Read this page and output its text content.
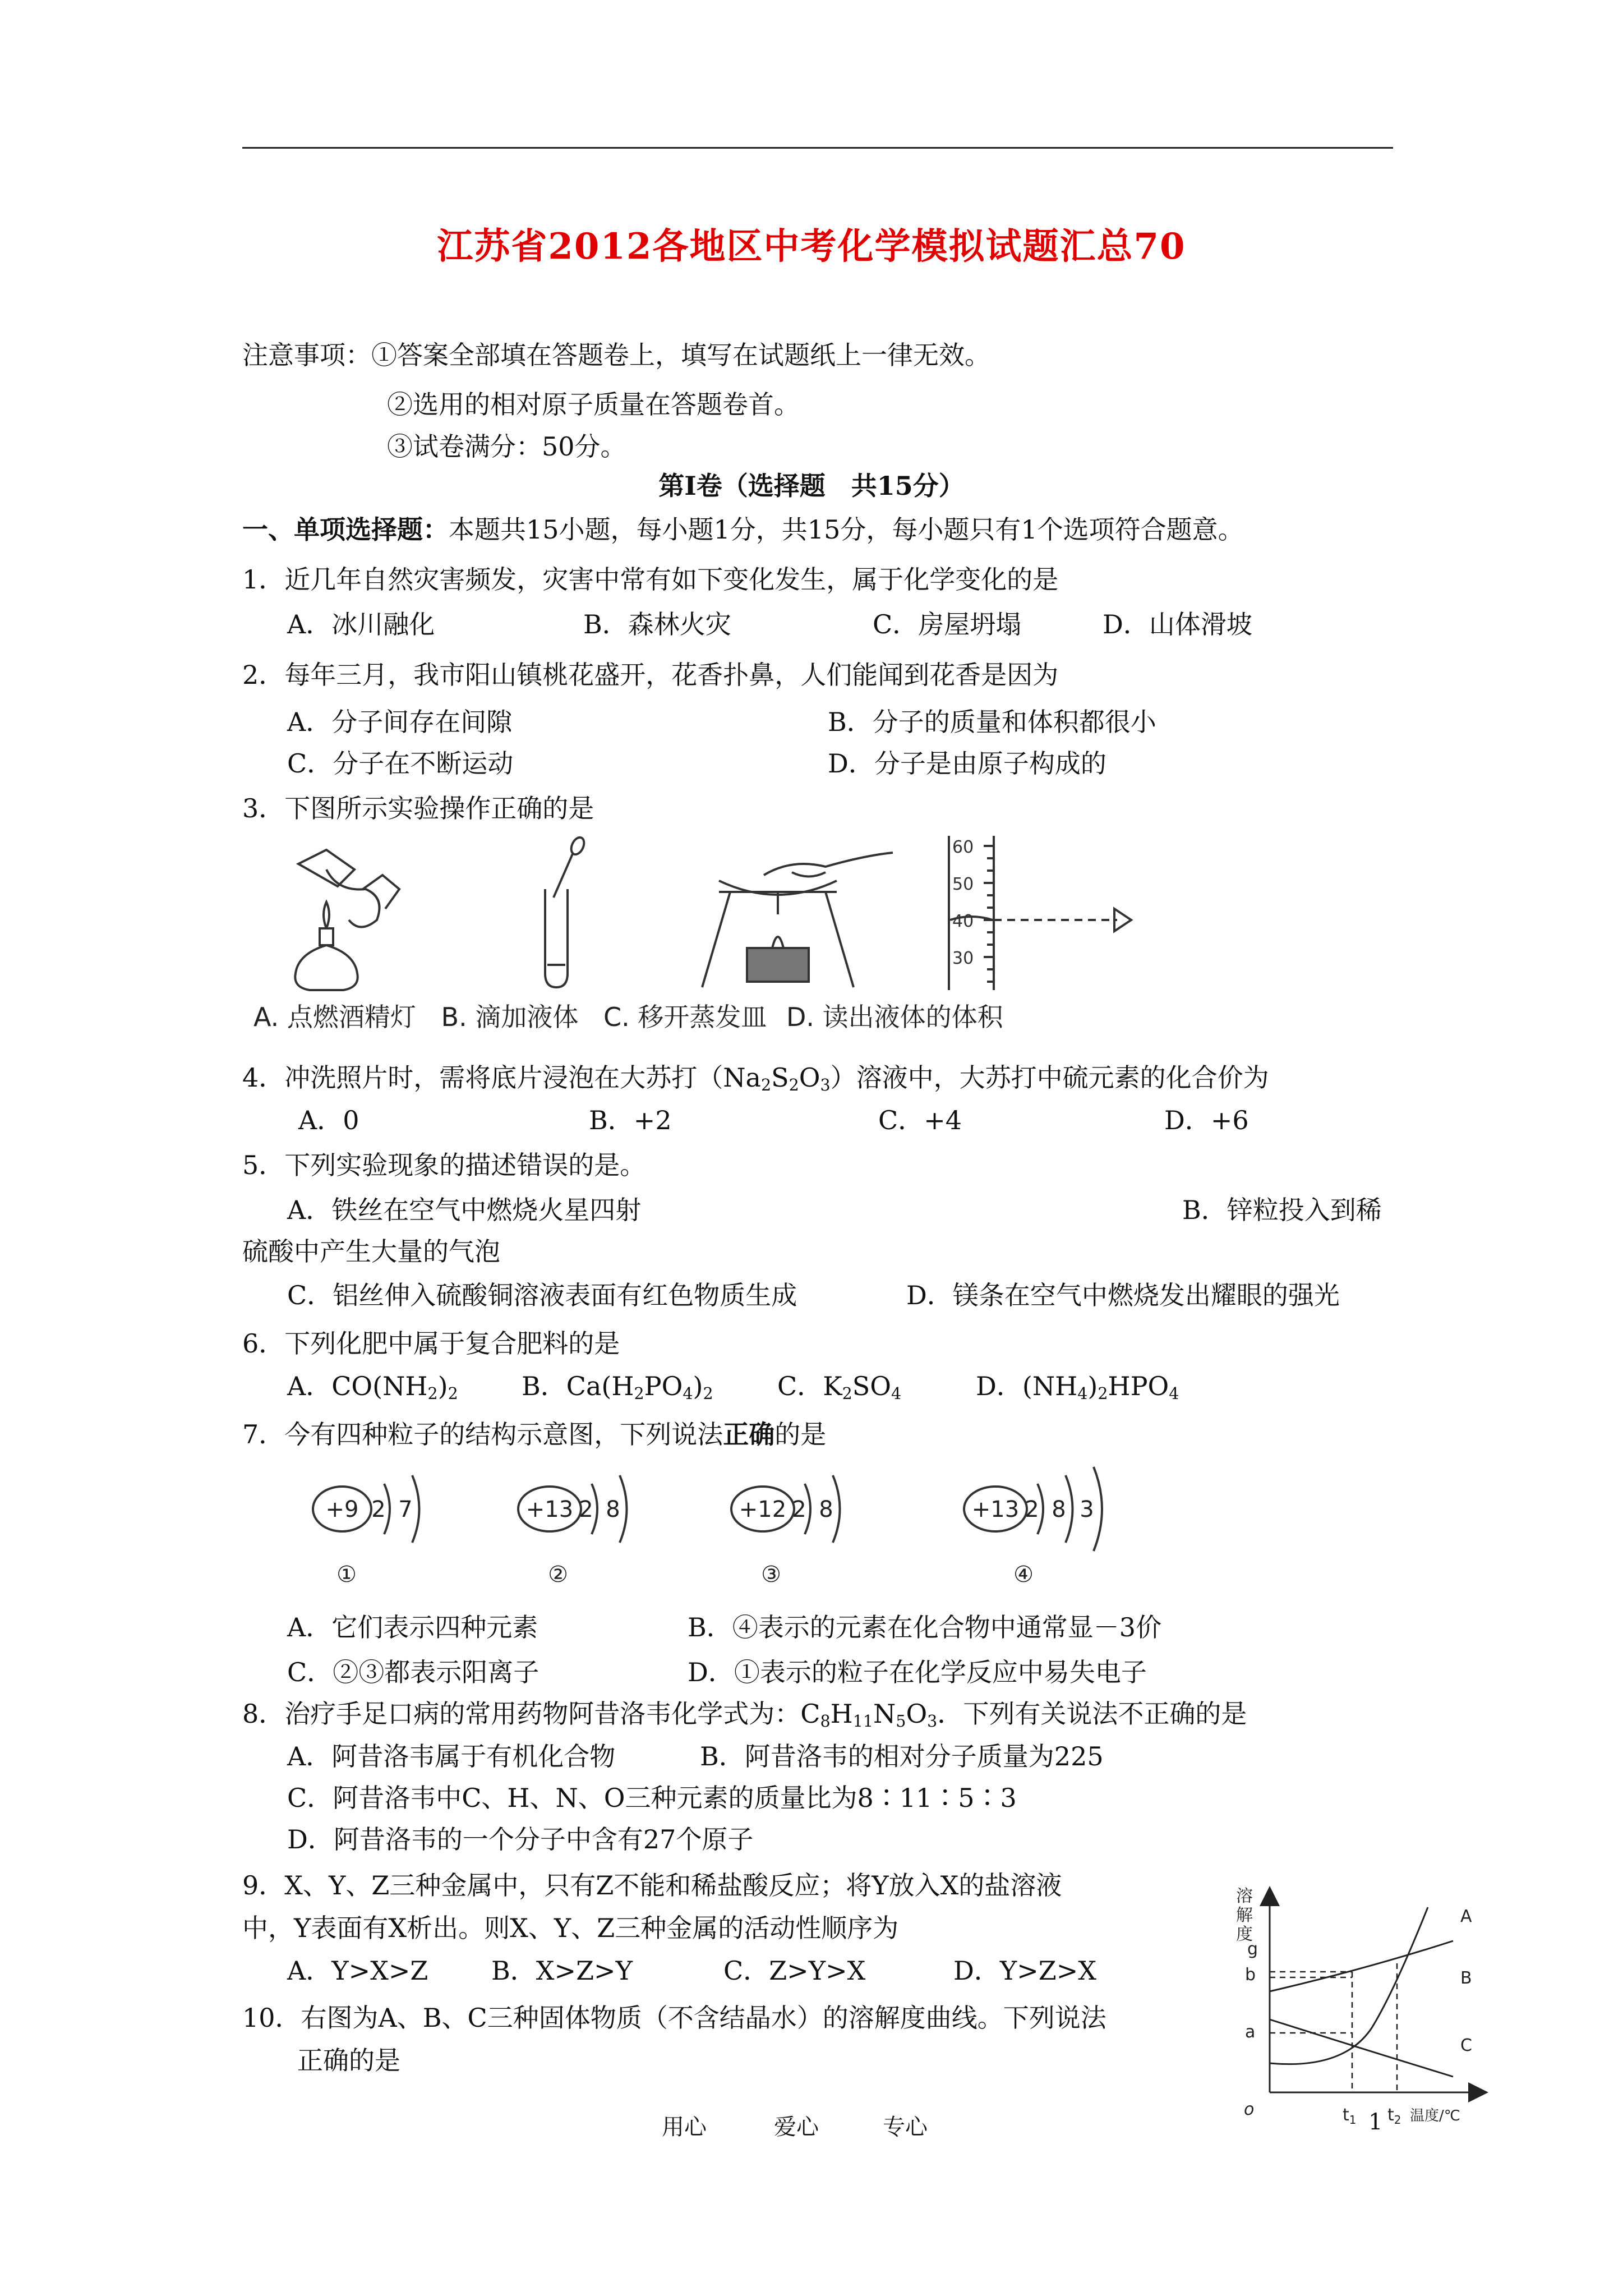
江苏省2012各地区中考化学模拟试题汇总70
注意事项：①答案全部填在答题卷上，填写在试题纸上一律无效。
②选用的相对原子质量在答题卷首。
③试卷满分：50分。
第Ⅰ卷（选择题　共15分）
一、单项选择题：本题共15小题，每小题1分，共15分，每小题只有1个选项符合题意。
1．近几年自然灾害频发，灾害中常有如下变化发生，属于化学变化的是
A．冰川融化	B．森林火灾	C．房屋坍塌	D．山体滑坡
2．每年三月，我市阳山镇桃花盛开，花香扑鼻，人们能闻到花香是因为
A．分子间存在间隙	B．分子的质量和体积都很小
C．分子在不断运动	D．分子是由原子构成的
3．下图所示实验操作正确的是
60
50
40
30
A. 点燃酒精灯 B. 滴加液体 C. 移开蒸发皿 D. 读出液体的体积
4．冲洗照片时，需将底片浸泡在大苏打$(Na_2S_2O_3)$溶液中，大苏打中硫元素的化合价为
A．0	B．+2	C．+4	D．+6
5．下列实验现象的描述错误的是。
A．铁丝在空气中燃烧火星四射	B．锌粒投入到稀
硫酸中产生大量的气泡
C．铝丝伸入硫酸铜溶液表面有红色物质生成	D．镁条在空气中燃烧发出耀眼的强光
6．下列化肥中属于复合肥料的是
A．$CO(NH_2)_2$ B．$Ca(H_2PO_4)_2$ C．$K_2SO_4$	D．$(NH_4)_2HPO_4$
7．今有四种粒子的结构示意图，下列说法正确的是
+9 2 7
①
+13 2 8
②
+12 2 8
③
+13 2 8 3
④
A．它们表示四种元素	B．④表示的元素在化合物中通常显－3价
C．②③都表示阳离子	D．①表示的粒子在化学反应中易失电子
8．治疗手足口病的常用药物阿昔洛韦化学式为：$C_8H_{11}N_5O_3$．下列有关说法不正确的是
A．阿昔洛韦属于有机化合物	B．阿昔洛韦的相对分子质量为225
C．阿昔洛韦中C、H、N、O三种元素的质量比为8∶11∶5∶3
D．阿昔洛韦的一个分子中含有27个原子
9．X、Y、Z三种金属中，只有Z不能和稀盐酸反应；将Y放入X的盐溶液
中，Y表面有X析出。则X、Y、Z三种金属的活动性顺序为
A．Y>X>Z B．X>Z>Y	C．Z>Y>X	D．Y>Z>X
10．右图为A、B、C三种固体物质（不含结晶水）的溶解度曲线。下列说法
正确的是
溶
解
度
g
b
a
o	$t_1$ $t_2$ 温度/℃
A
B
C
用心	爱心	专心	1
